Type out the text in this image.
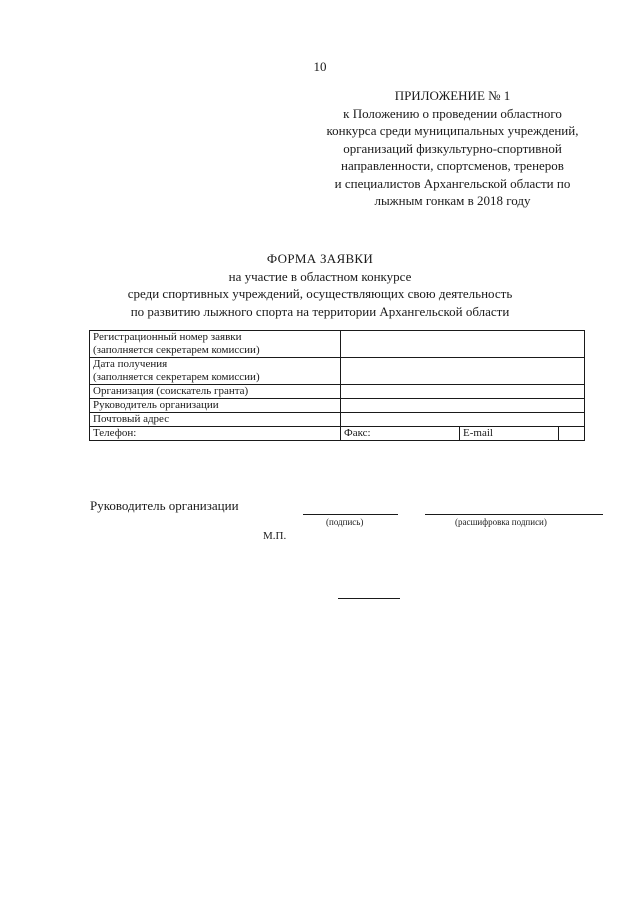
10
ПРИЛОЖЕНИЕ № 1
к Положению о проведении областного
конкурса среди муниципальных учреждений,
организаций физкультурно-спортивной
направленности, спортсменов, тренеров
и специалистов Архангельской области по
лыжным гонкам в 2018 году
ФОРМА ЗАЯВКИ
на участие в областном конкурсе
среди спортивных учреждений, осуществляющих свою деятельность
по развитию лыжного спорта на территории Архангельской области
Регистрационный номер заявки
(заполняется секретарем комиссии)			
Дата получения
(заполняется секретарем комиссии)			
Организация (соискатель гранта)			
Руководитель организации			
Почтовый адрес			
Телефон:	Факс:	E-mail	
Руководитель организации
(подпись)	(расшифровка подписи)
М.П.
